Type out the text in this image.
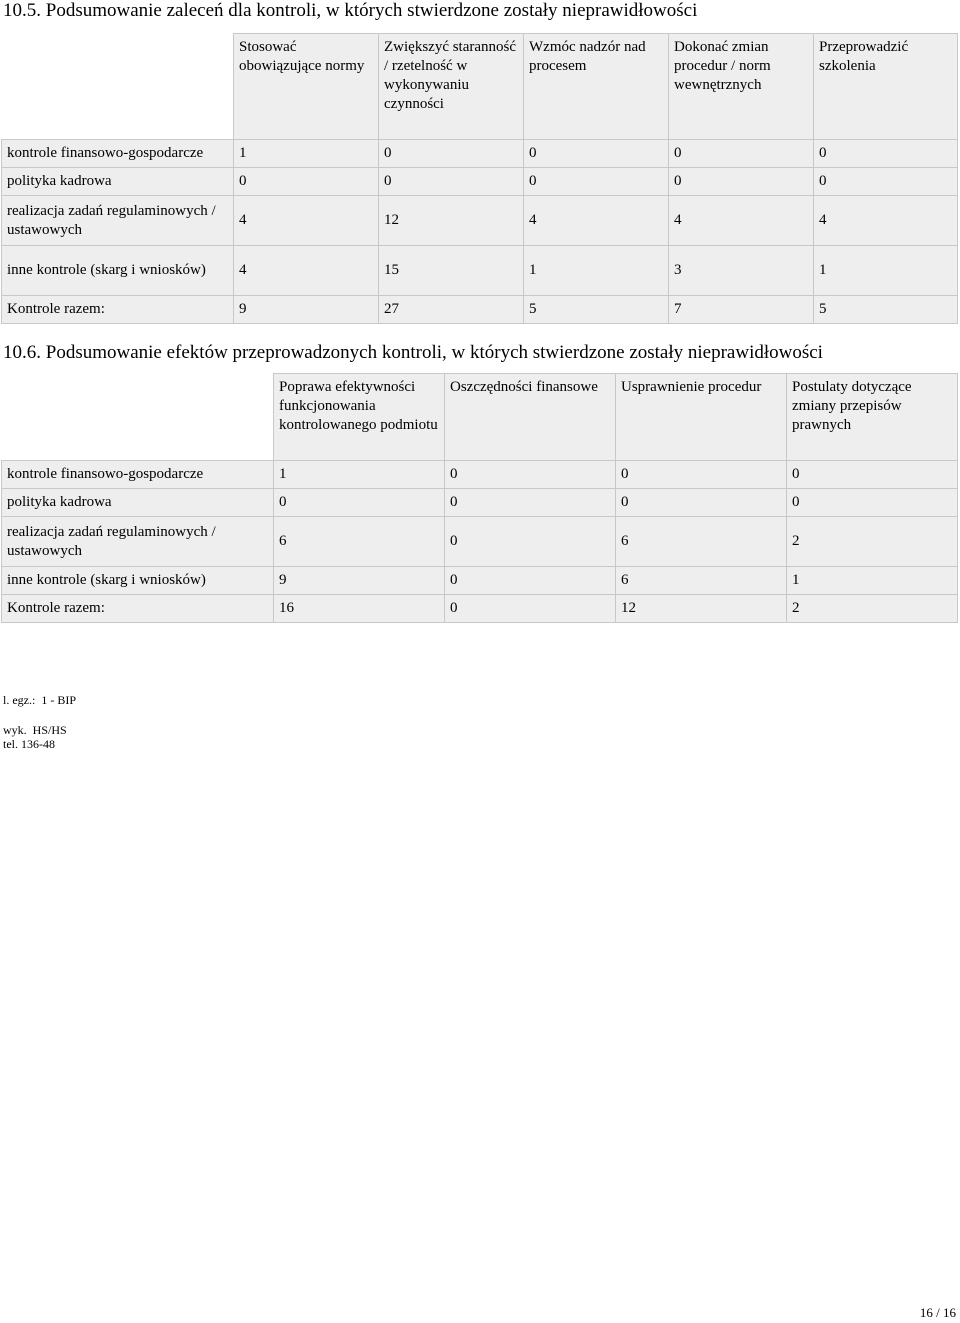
10.5. Podsumowanie zaleceń dla kontroli, w których stwierdzone zostały nieprawidłowości
	Stosować obowiązujące normy	Zwiększyć staranność / rzetelność w wykonywaniu czynności	Wzmóc nadzór nad procesem	Dokonać zmian procedur / norm wewnętrznych	Przeprowadzić szkolenia
kontrole finansowo-gospodarcze	1	0	0	0	0
polityka kadrowa	0	0	0	0	0
realizacja zadań regulaminowych / ustawowych	4	12	4	4	4
inne kontrole (skarg i wniosków)	4	15	1	3	1
Kontrole razem:	9	27	5	7	5
10.6. Podsumowanie efektów przeprowadzonych kontroli, w których stwierdzone zostały nieprawidłowości
	Poprawa efektywności funkcjonowania kontrolowanego podmiotu	Oszczędności finansowe	Usprawnienie procedur	Postulaty dotyczące zmiany przepisów prawnych
kontrole finansowo-gospodarcze	1	0	0	0
polityka kadrowa	0	0	0	0
realizacja zadań regulaminowych / ustawowych	6	0	6	2
inne kontrole (skarg i wniosków)	9	0	6	1
Kontrole razem:	16	0	12	2
l. egz.:  1 - BIP
wyk.  HS/HS
tel. 136-48
16 / 16
